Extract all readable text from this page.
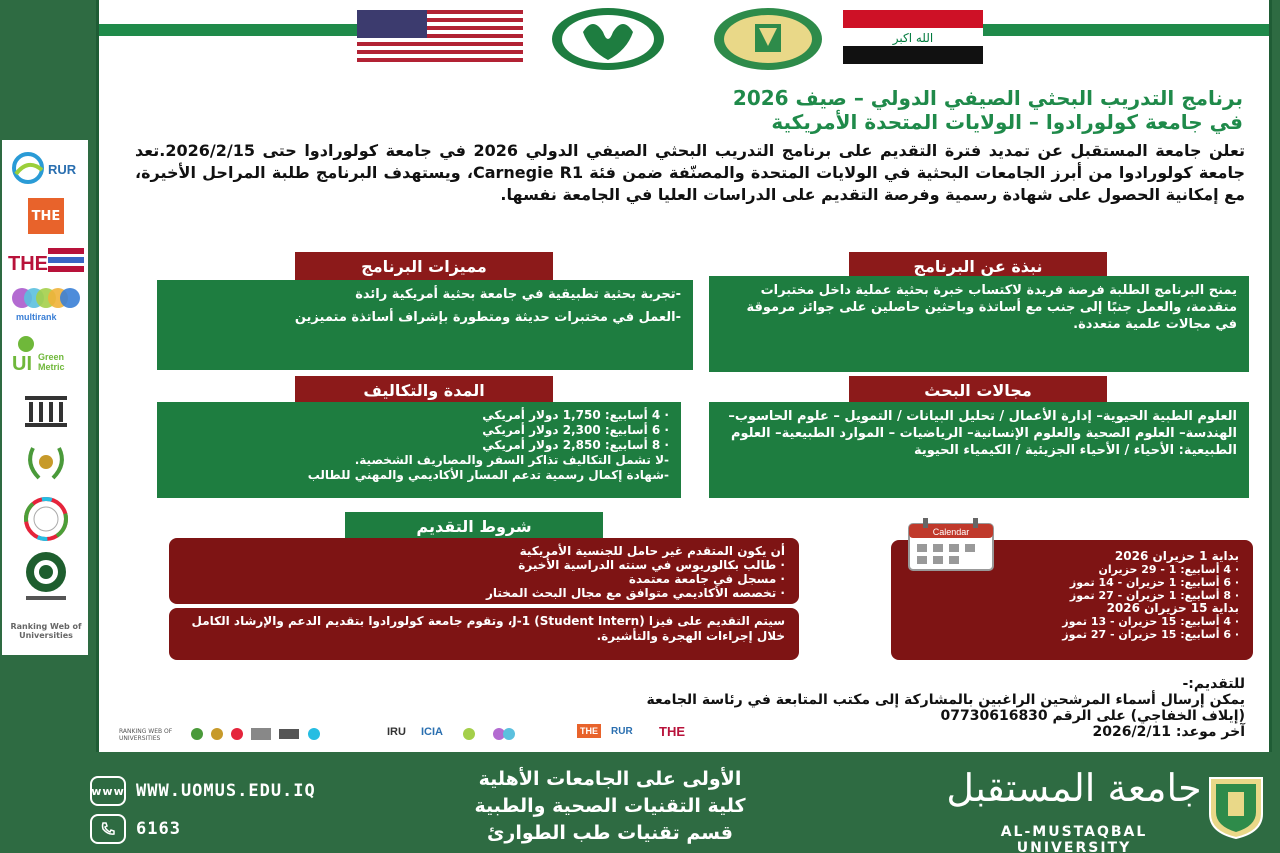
RUR
THE
THE
multirank
UI Green
Metric
Ranking Web of Universities
الله اكبر
برنامج التدريب البحثي الصيفي الدولي – صيف 2026
في جامعة كولورادوا – الولايات المتحدة الأمريكية
تعلن جامعة المستقبل عن تمديد فترة التقديم على برنامج التدريب البحثي الصيفي الدولي 2026 في جامعة كولورادوا حتى 2026/2/15.تعد جامعة كولورادوا من أبرز الجامعات البحثية في الولايات المتحدة والمصنّفة ضمن فئة Carnegie R1، ويستهدف البرنامج طلبة المراحل الأخيرة، مع إمكانية الحصول على شهادة رسمية وفرصة التقديم على الدراسات العليا في الجامعة نفسها.
نبذة عن البرنامج
يمنح البرنامج الطلبة فرصة فريدة لاكتساب خبرة بحثية عملية داخل مختبرات متقدمة، والعمل جنبًا إلى جنب مع أساتذة وباحثين حاصلين على جوائز مرموقة في مجالات علمية متعددة.
مميزات البرنامج
-تجربة بحثية تطبيقية في جامعة بحثية أمريكية رائدة
-العمل في مختبرات حديثة ومتطورة بإشراف أساتذة متميزين
مجالات البحث
العلوم الطبية الحيوية– إدارة الأعمال / تحليل البيانات / التمويل – علوم الحاسوب– الهندسة– العلوم الصحية والعلوم الإنسانية– الرياضيات – الموارد الطبيعية– العلوم الطبيعية: الأحياء / الأحياء الجزيئية / الكيمياء الحيوية
المدة والتكاليف
· 4 أسابيع: 1,750 دولار أمريكي
· 6 أسابيع: 2,300 دولار أمريكي
· 8 أسابيع: 2,850 دولار أمريكي
-لا تشمل التكاليف تذاكر السفر والمصاريف الشخصية.
-شهادة إكمال رسمية تدعم المسار الأكاديمي والمهني للطالب
شروط التقديم
أن يكون المتقدم غير حامل للجنسية الأمريكية
· طالب بكالوريوس في سنته الدراسية الأخيرة
· مسجل في جامعة معتمدة
· تخصصه الأكاديمي متوافق مع مجال البحث المختار
سيتم التقديم على فيزا (Student Intern) J-1، وتقوم جامعة كولورادوا بتقديم الدعم والإرشاد الكامل خلال إجراءات الهجرة والتأشيرة.
بداية 1 حزيران 2026
· 4 أسابيع: 1 - 29 حزيران
· 6 أسابيع: 1 حزيران - 14 تموز
· 8 أسابيع: 1 حزيران - 27 تموز
بداية 15 حزيران 2026
· 4 أسابيع: 15 حزيران - 13 تموز
· 6 أسابيع: 15 حزيران - 27 تموز
Calendar
للتقديم:-
يمكن إرسال أسماء المرشحين الراغبين بالمشاركة إلى مكتب المتابعة في رئاسة الجامعة
(إيلاف الخفاجي) على الرقم 07730616830
آخر موعد: 2026/2/11
RANKING WEB OF UNIVERSITIES
IRU ICIA	THE	RUR THE
www WWW.UOMUS.EDU.IQ
6163
الأولى على الجامعات الأهلية
كلية التقنيات الصحية والطبية
قسم تقنيات طب الطوارئ
جامعة المستقبل
AL-MUSTAQBAL UNIVERSITY
